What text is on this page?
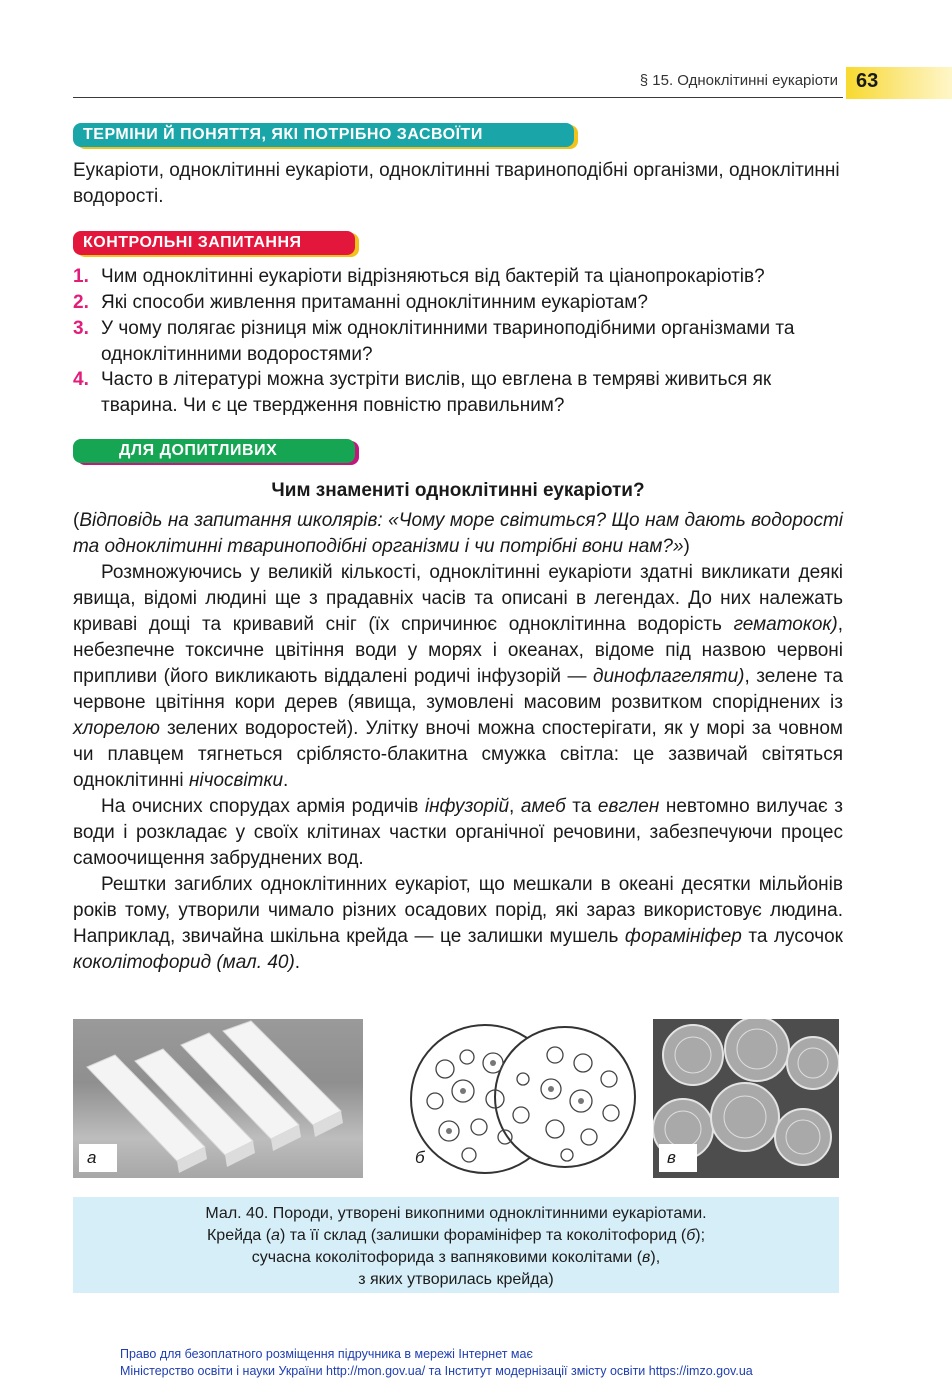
§ 15. Одноклітинні еукаріоти 63
ТЕРМІНИ Й ПОНЯТТЯ, ЯКІ ПОТРІБНО ЗАСВОЇТИ
Еукаріоти, одноклітинні еукаріоти, одноклітинні твариноподібні організми, одноклітинні водорості.
КОНТРОЛЬНІ ЗАПИТАННЯ
1. Чим одноклітинні еукаріоти відрізняються від бактерій та ціанопрокаріотів?
2. Які способи живлення притаманні одноклітинним еукаріотам?
3. У чому полягає різниця між одноклітинними твариноподібними організмами та одноклітинними водоростями?
4. Часто в літературі можна зустріти вислів, що евглена в темряві живиться як тварина. Чи є це твердження повністю правильним?
ДЛЯ ДОПИТЛИВИХ
Чим знамениті одноклітинні еукаріоти?

(Відповідь на запитання школярів: «Чому море світиться? Що нам дають водорості та одноклітинні твариноподібні організми і чи потрібні вони нам?»)

Розмножуючись у великій кількості, одноклітинні еукаріоти здатні викликати деякі явища, відомі людині ще з прадавніх часів та описані в легендах. До них належать криваві дощі та кривавий сніг (їх спричинює одноклітинна водорість гематокок), небезпечне токсичне цвітіння води у морях і океанах, відоме під назвою червоні припливи (його викликають віддалені родичі інфузорій — динофлагеляти), зелене та червоне цвітіння кори дерев (явища, зумовлені масовим розвитком споріднених із хлорелою зелених водоростей). Улітку вночі можна спостерігати, як у морі за човном чи плавцем тягнеться сріблясто-блакитна смужка світла: це зазвичай світяться одноклітинні нічосвітки.

На очисних спорудах армія родичів інфузорій, амеб та евглен невтомно вилучає з води і розкладає у своїх клітинах частки органічної речовини, забезпечуючи процес самоочищення забруднених вод.

Рештки загиблих одноклітинних еукаріот, що мешкали в океані десятки мільйонів років тому, утворили чимало різних осадових порід, які зараз використовує людина. Наприклад, звичайна шкільна крейда — це залишки мушель форамініфер та лусочок коколітофорид (мал. 40).

а	б	в
Мал. 40. Породи, утворені викопними одноклітинними еукаріотами.
Крейда (а) та її склад (залишки форамініфер та коколітофорид (б);
сучасна коколітофорида з вапняковими коколітами (в),
з яких утворилась крейда)
Право для безоплатного розміщення підручника в мережі Інтернет має
Міністерство освіти і науки України http://mon.gov.ua/ та Інститут модернізації змісту освіти https://imzo.gov.ua
